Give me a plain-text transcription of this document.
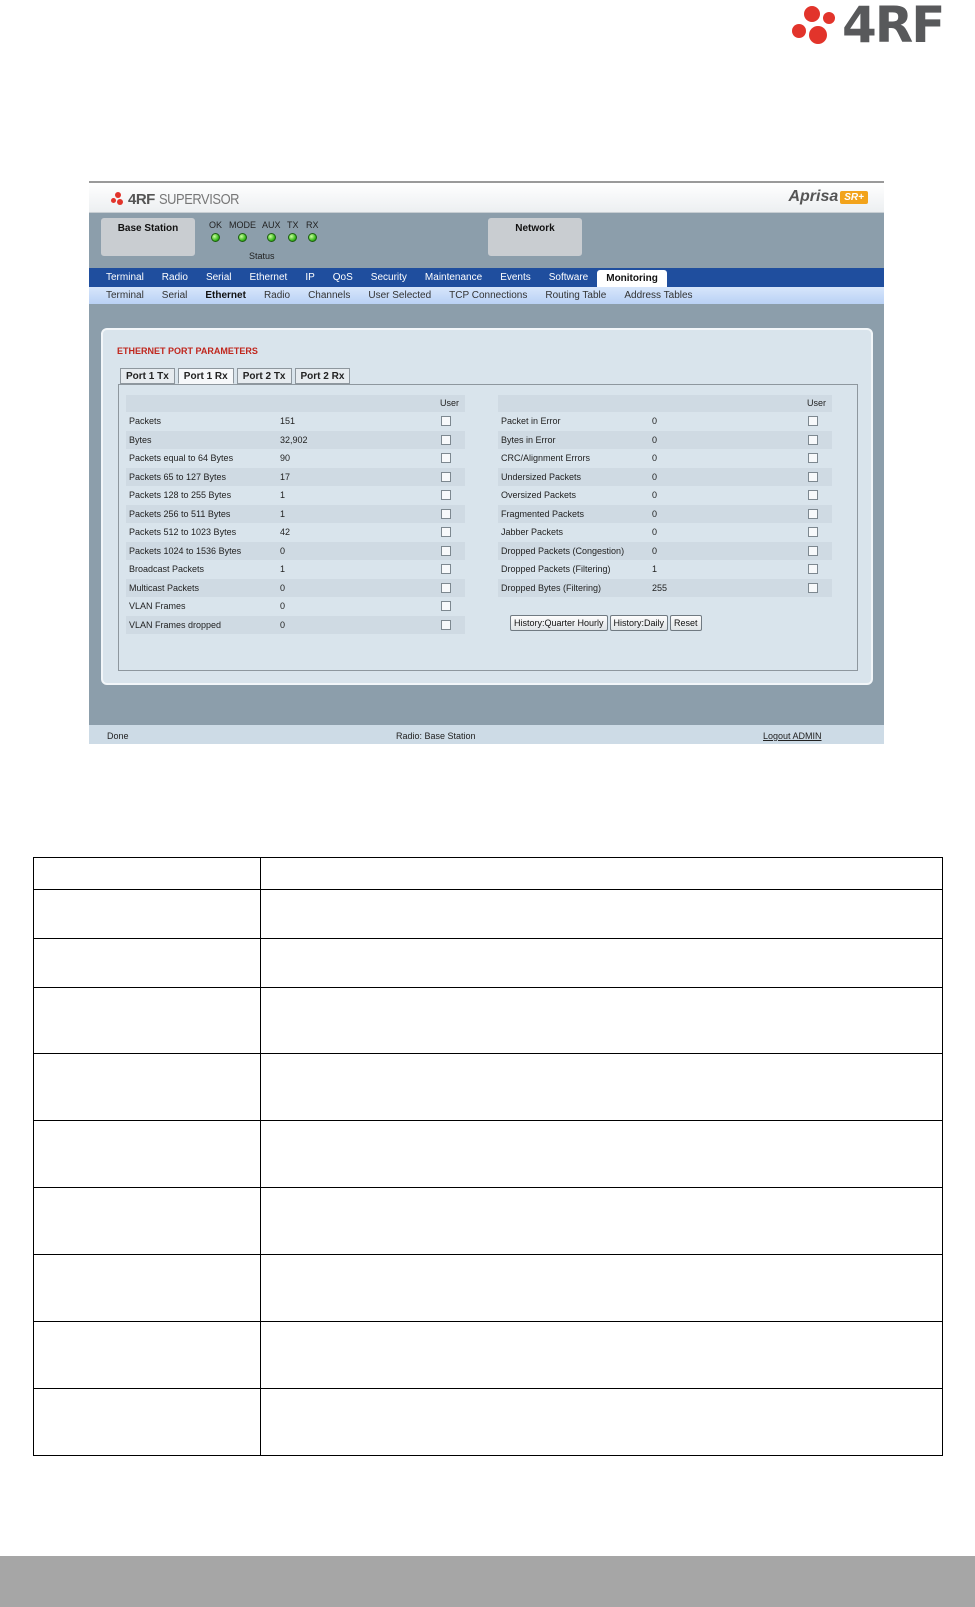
4RF
4RF SUPERVISOR	Aprisa SR+
Base Station	OK MODE AUX TX RX
Status
Network
Terminal	Radio	Serial	Ethernet	IP	QoS	Security	Maintenance	Events	Software	Monitoring
Terminal	Serial	Ethernet	Radio	Channels	User Selected	TCP Connections	Routing Table	Address Tables
ETHERNET PORT PARAMETERS
Port 1 Tx	Port 1 Rx	Port 2 Tx	Port 2 Rx
User
Packets	151
Bytes	32,902
Packets equal to 64 Bytes	90
Packets 65 to 127 Bytes	17
Packets 128 to 255 Bytes	1
Packets 256 to 511 Bytes	1
Packets 512 to 1023 Bytes	42
Packets 1024 to 1536 Bytes	0
Broadcast Packets	1
Multicast Packets	0
VLAN Frames	0
VLAN Frames dropped	0
User
Packet in Error	0
Bytes in Error	0
CRC/Alignment Errors	0
Undersized Packets	0
Oversized Packets	0
Fragmented Packets	0
Jabber Packets	0
Dropped Packets (Congestion)	0
Dropped Packets (Filtering)	1
Dropped Bytes (Filtering)	255
History:Quarter Hourly	History:Daily	Reset
Done	Radio: Base Station	Logout ADMIN
